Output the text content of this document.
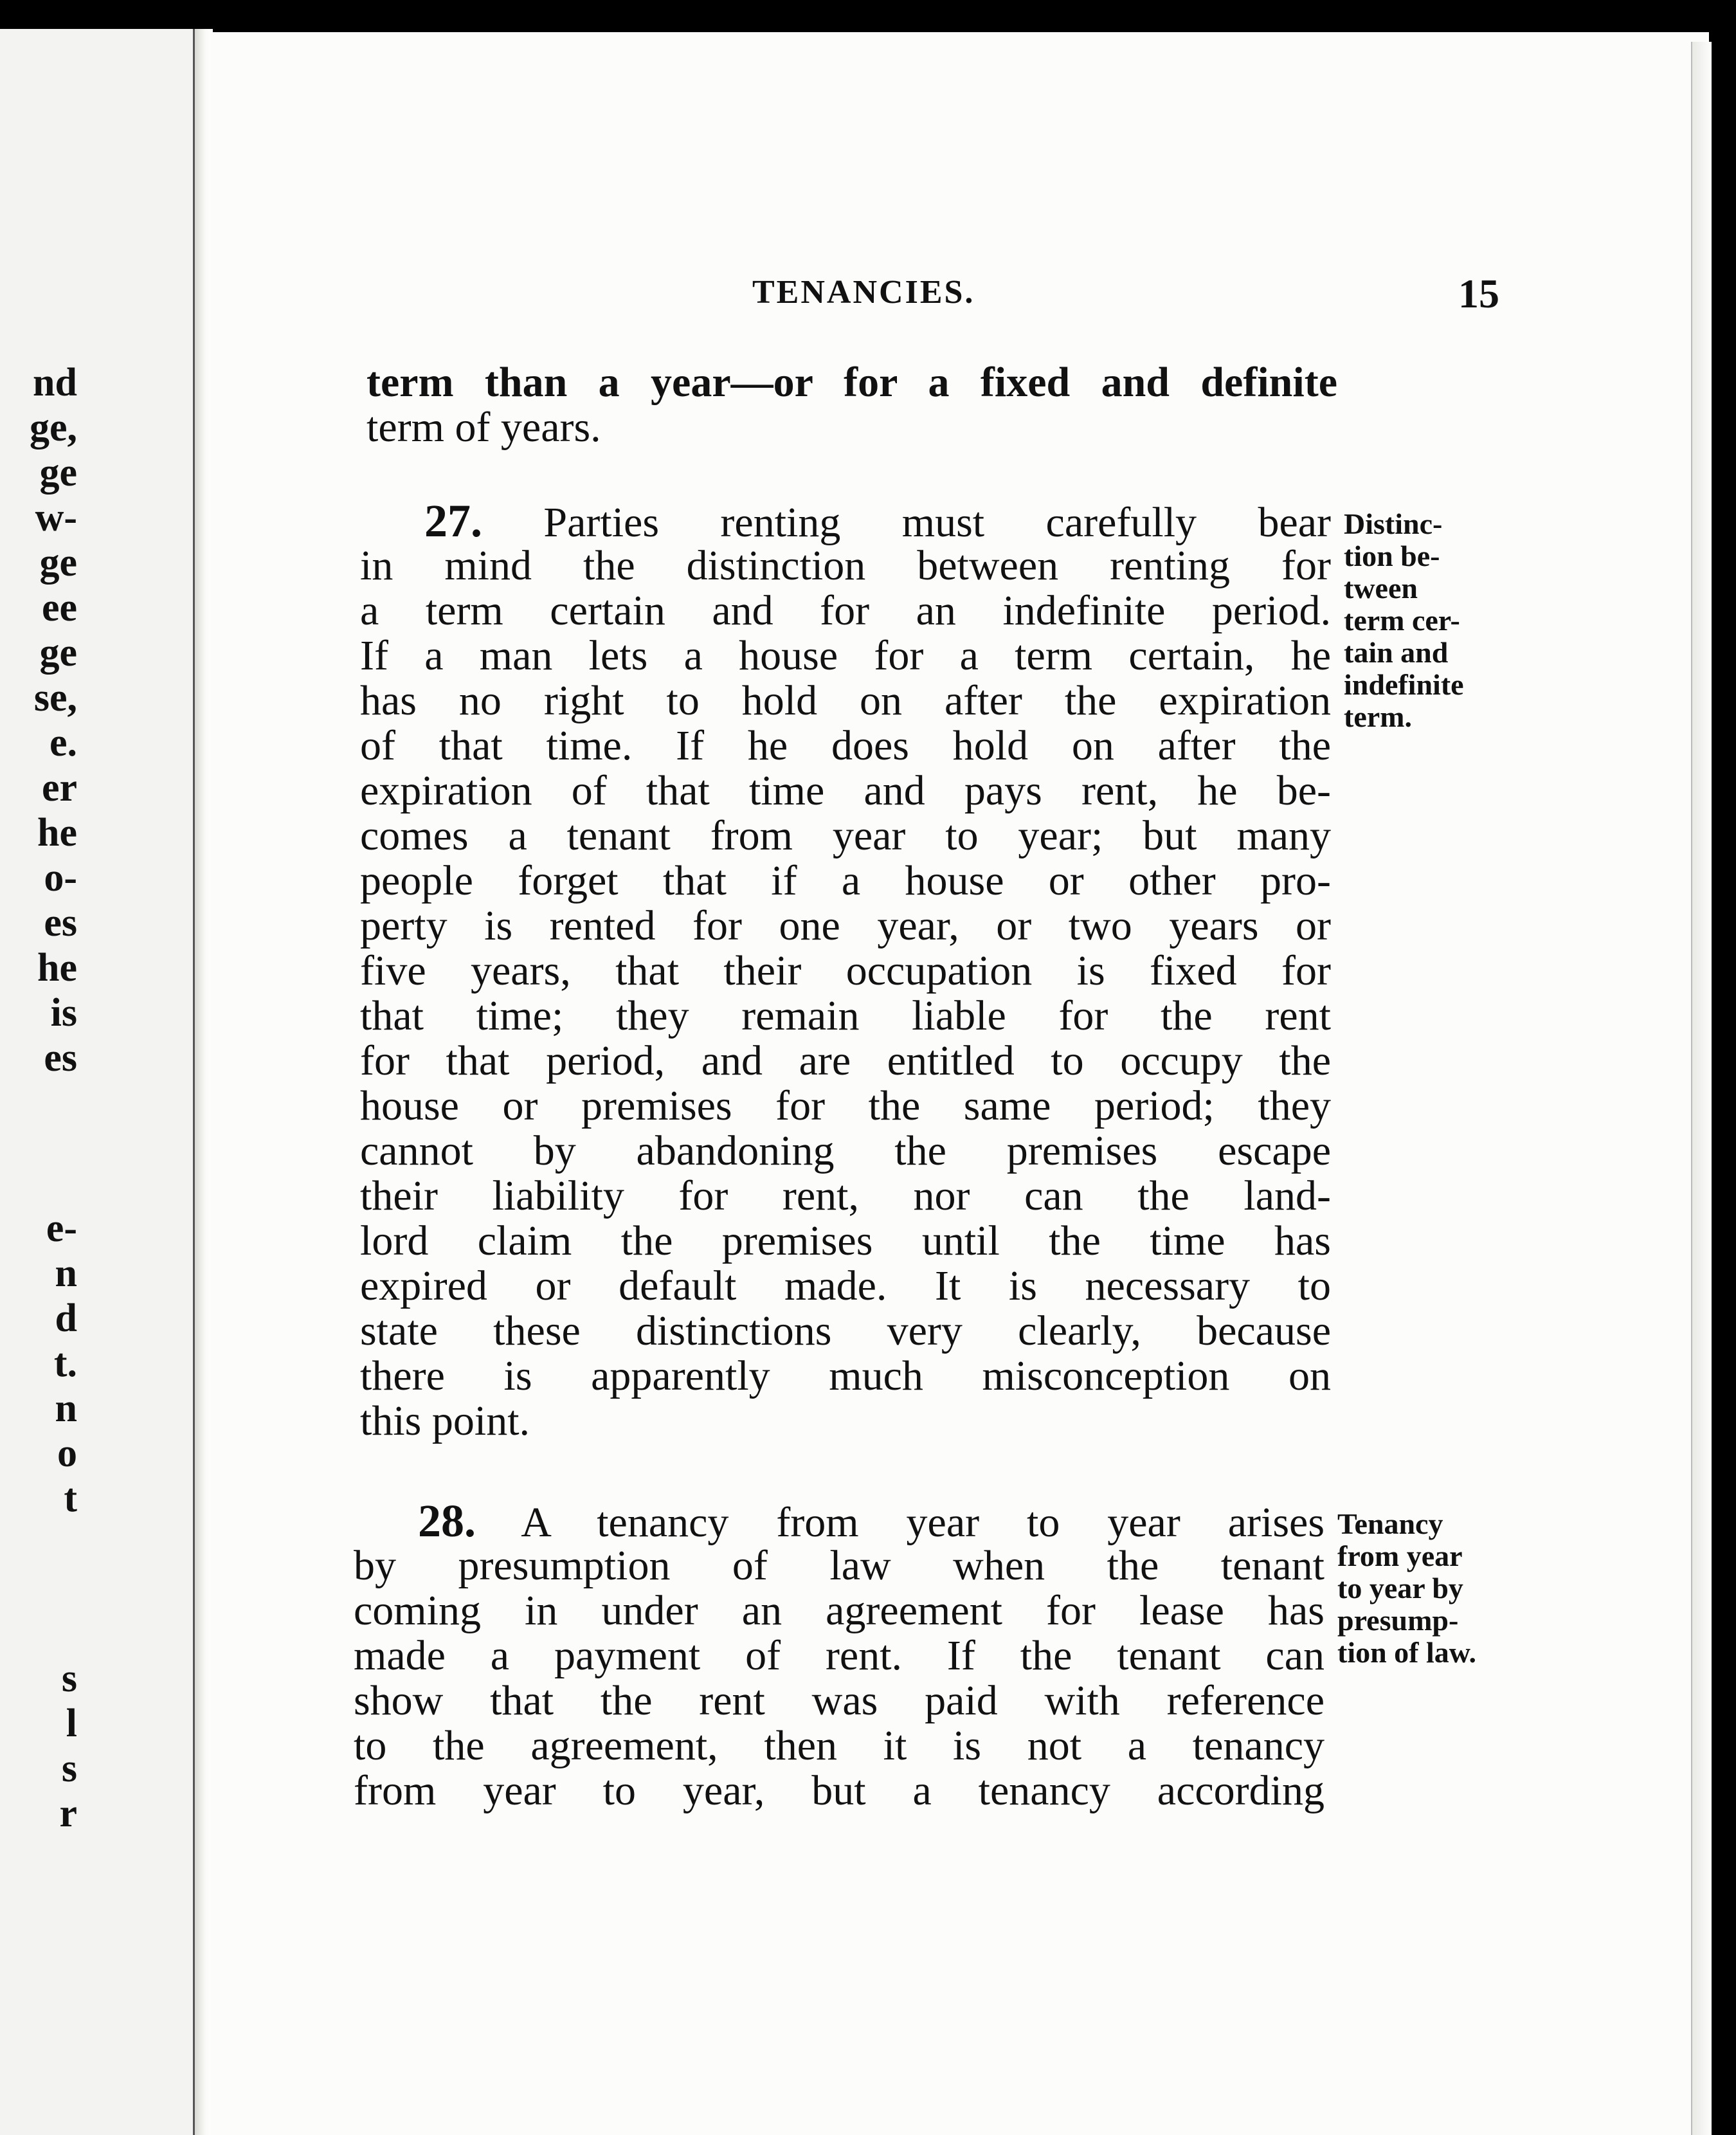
nd
ge,
ge
w-
ge
ee
ge
se,
e.
er
he
o-
es
he
is
es
e-
n
d
t.
n
o
t
s
l
s
r
TENANCIES.	15
term than a year—or for a fixed and definite
term of years.
27. Parties renting must carefully bear
in mind the distinction between renting for
a term certain and for an indefinite period.
If a man lets a house for a term certain, he
has no right to hold on after the expiration
of that time. If he does hold on after the
expiration of that time and pays rent, he be-
comes a tenant from year to year; but many
people forget that if a house or other pro-
perty is rented for one year, or two years or
five years, that their occupation is fixed for
that time; they remain liable for the rent
for that period, and are entitled to occupy the
house or premises for the same period; they
cannot by abandoning the premises escape
their liability for rent, nor can the land-
lord claim the premises until the time has
expired or default made. It is necessary to
state these distinctions very clearly, because
there is apparently much misconception on
this point.
Distinc-
tion be-
tween
term cer-
tain and
indefinite
term.
28. A tenancy from year to year arises
by presumption of law when the tenant
coming in under an agreement for lease has
made a payment of rent. If the tenant can
show that the rent was paid with reference
to the agreement, then it is not a tenancy
from year to year, but a tenancy according
Tenancy
from year
to year by
presump-
tion of law.
